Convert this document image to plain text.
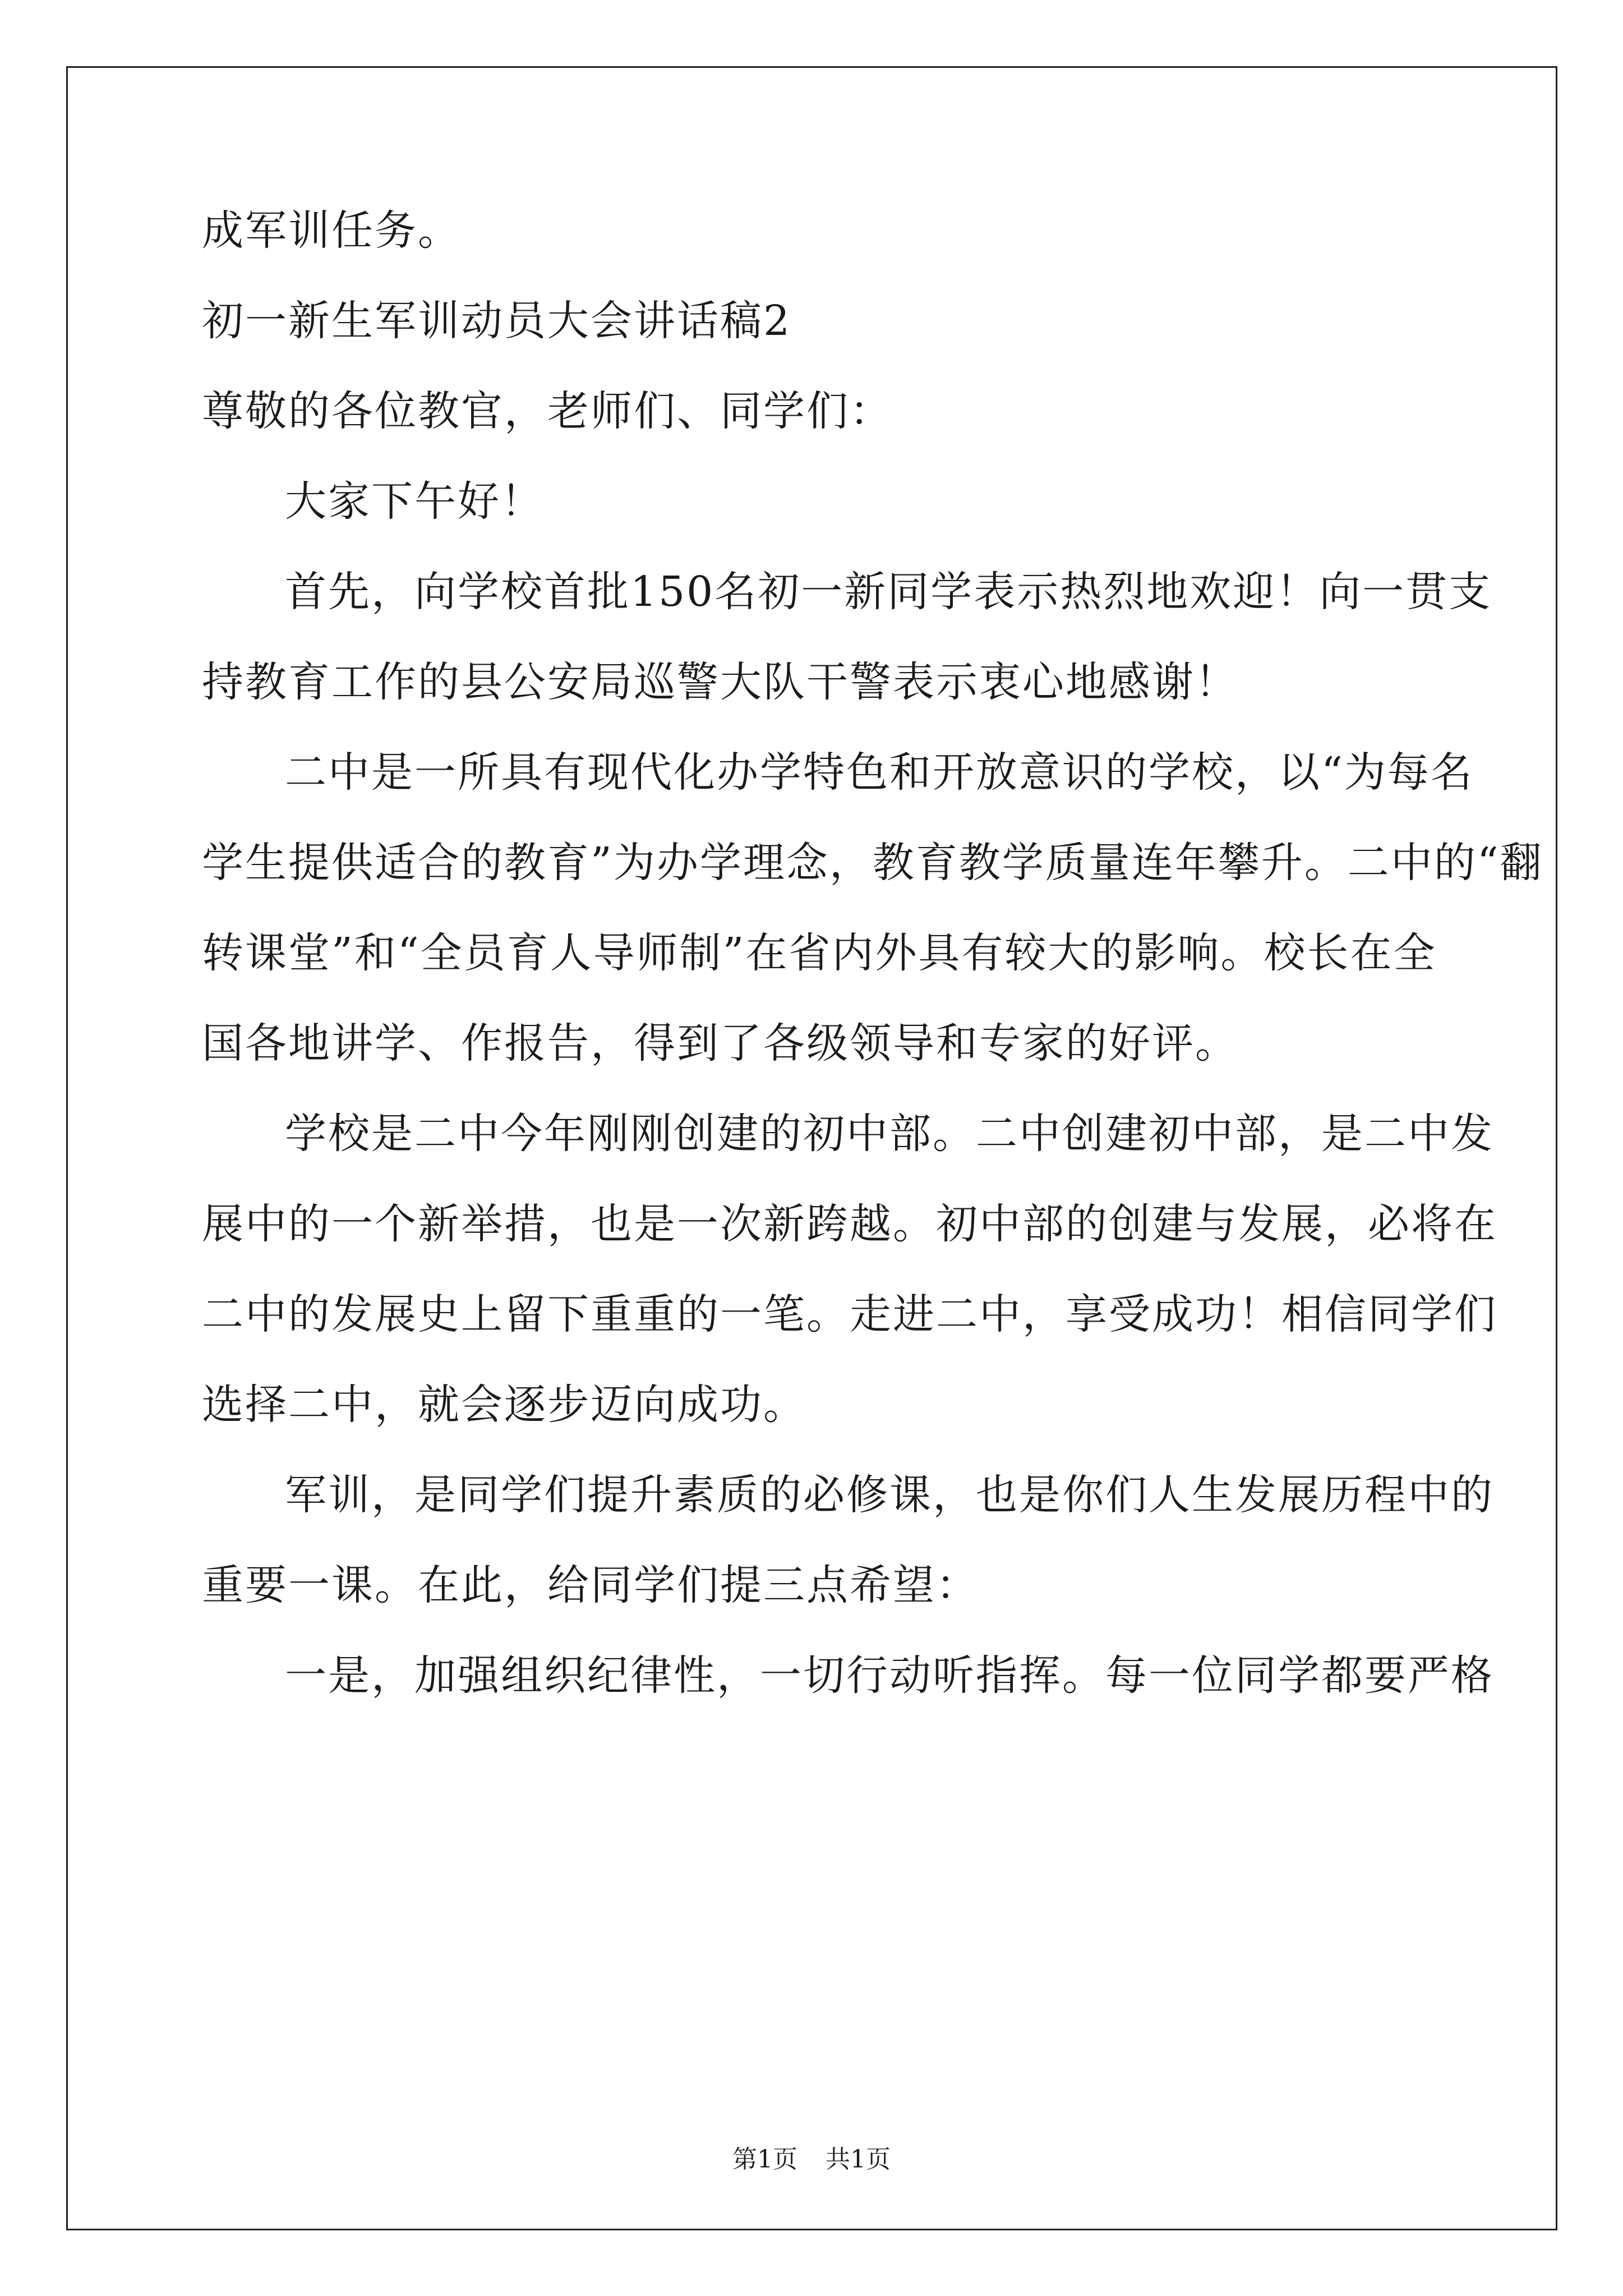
成军训任务。
初一新生军训动员大会讲话稿2
尊敬的各位教官，老师们、同学们：
大家下午好！
首先，向学校首批150名初一新同学表示热烈地欢迎！向一贯支
持教育工作的县公安局巡警大队干警表示衷心地感谢！
二中是一所具有现代化办学特色和开放意识的学校，以“为每名
学生提供适合的教育”为办学理念，教育教学质量连年攀升。二中的“翻
转课堂”和“全员育人导师制”在省内外具有较大的影响。校长在全
国各地讲学、作报告，得到了各级领导和专家的好评。
学校是二中今年刚刚创建的初中部。二中创建初中部，是二中发
展中的一个新举措，也是一次新跨越。初中部的创建与发展，必将在
二中的发展史上留下重重的一笔。走进二中，享受成功！相信同学们
选择二中，就会逐步迈向成功。
军训，是同学们提升素质的必修课，也是你们人生发展历程中的
重要一课。在此，给同学们提三点希望：
一是，加强组织纪律性，一切行动听指挥。每一位同学都要严格
第1页 共1页
